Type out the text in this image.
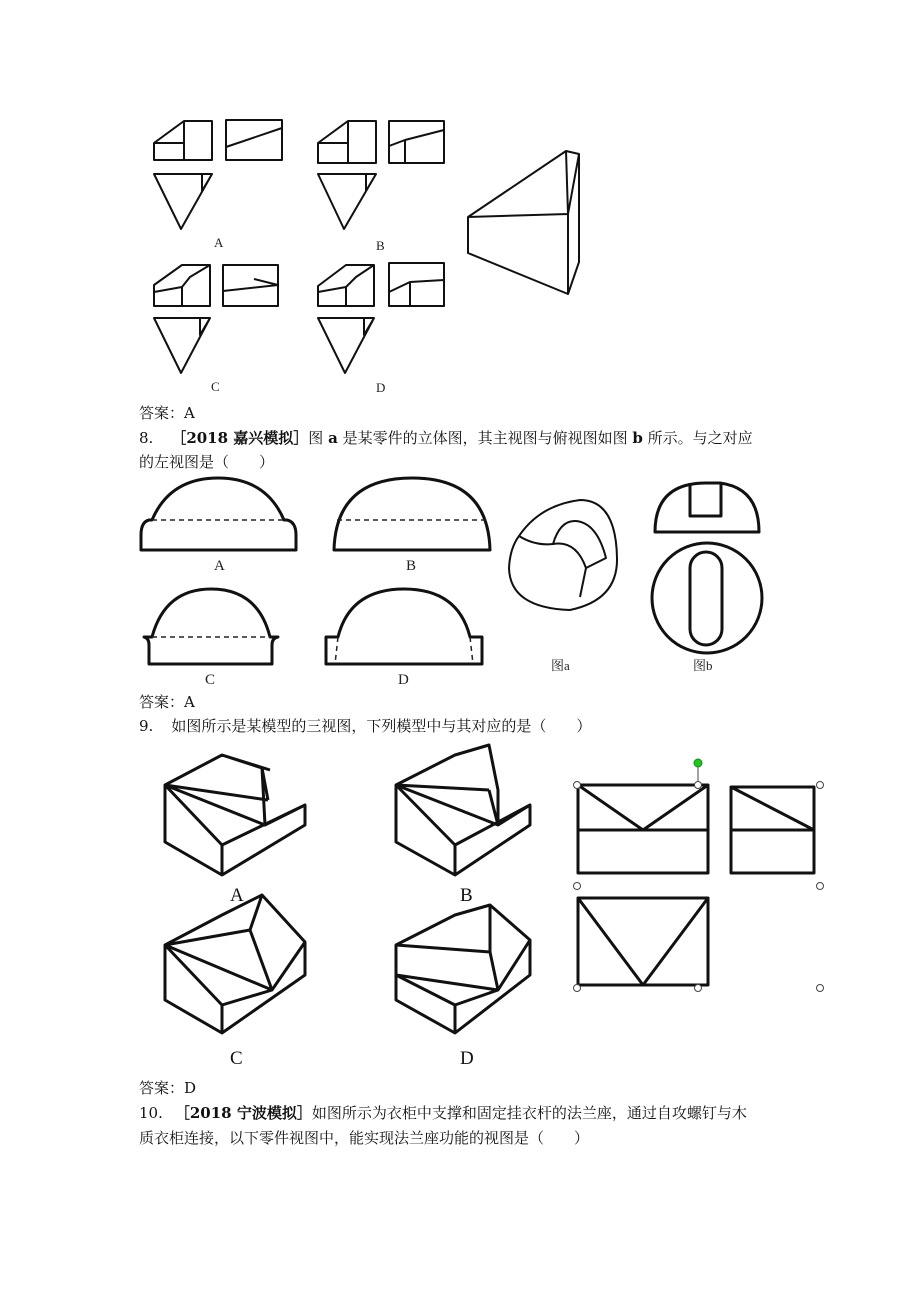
A	B
C	D
答案：A
8. ［2018 嘉兴模拟］图 a 是某零件的立体图，其主视图与俯视图如图 b 所示。与之对应
的左视图是（　　）
A	B
C	D
图a	图b
答案：A
9. 如图所示是某模型的三视图，下列模型中与其对应的是（　　）
A	B
C	D
答案：D
10. ［2018 宁波模拟］如图所示为衣柜中支撑和固定挂衣杆的法兰座，通过自攻螺钉与木
质衣柜连接，以下零件视图中，能实现法兰座功能的视图是（　　）
